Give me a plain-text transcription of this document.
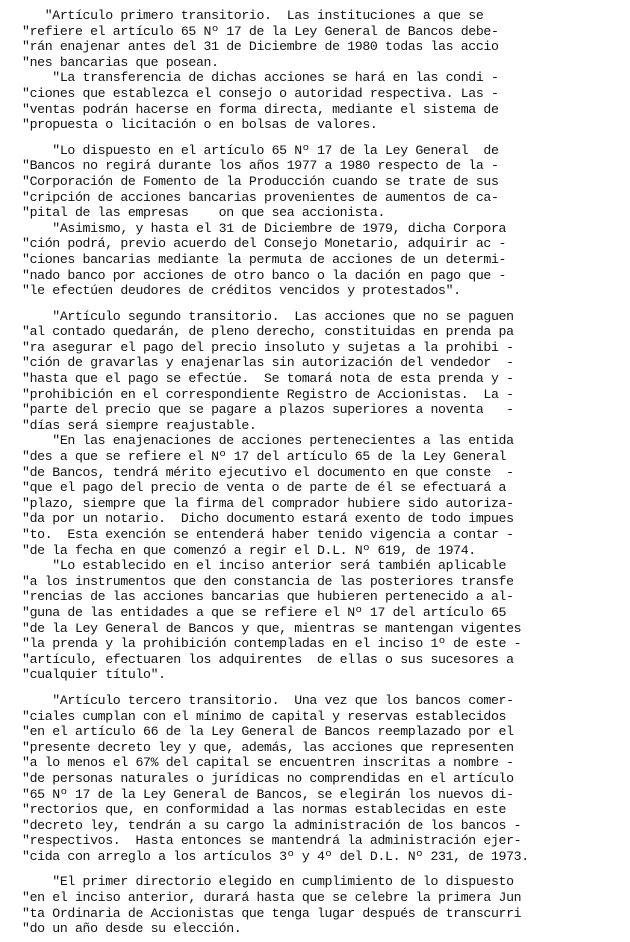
"Artículo primero transitorio.  Las instituciones a que se
"refiere el artículo 65 Nº 17 de la Ley General de Bancos debe-
"rán enajenar antes del 31 de Diciembre de 1980 todas las accio
"nes bancarias que posean.
"La transferencia de dichas acciones se hará en las condi -
"ciones que establezca el consejo o autoridad respectiva. Las -
"ventas podrán hacerse en forma directa, mediante el sistema de
"propuesta o licitación o en bolsas de valores.
"Lo dispuesto en el artículo 65 Nº 17 de la Ley General  de
"Bancos no regirá durante los años 1977 a 1980 respecto de la -
"Corporación de Fomento de la Producción cuando se trate de sus
"cripción de acciones bancarias provenientes de aumentos de ca-
"pital de las empresas    on que sea accionista.
"Asimismo, y hasta el 31 de Diciembre de 1979, dicha Corpora
"ción podrá, previo acuerdo del Consejo Monetario, adquirir ac -
"ciones bancarias mediante la permuta de acciones de un determi-
"nado banco por acciones de otro banco o la dación en pago que -
"le efectúen deudores de créditos vencidos y protestados".
"Artículo segundo transitorio.  Las acciones que no se paguen
"al contado quedarán, de pleno derecho, constituidas en prenda pa
"ra asegurar el pago del precio insoluto y sujetas a la prohibi -
"ción de gravarlas y enajenarlas sin autorización del vendedor  -
"hasta que el pago se efectúe.  Se tomará nota de esta prenda y -
"prohibición en el correspondiente Registro de Accionistas.  La -
"parte del precio que se pagare a plazos superiores a noventa   -
"días será siempre reajustable.
"En las enajenaciones de acciones pertenecientes a las entida
"des a que se refiere el Nº 17 del artículo 65 de la Ley General
"de Bancos, tendrá mérito ejecutivo el documento en que conste  -
"que el pago del precio de venta o de parte de él se efectuará a
"plazo, siempre que la firma del comprador hubiere sido autoriza-
"da por un notario.  Dicho documento estará exento de todo impues
"to.  Esta exención se entenderá haber tenido vigencia a contar -
"de la fecha en que comenzó a regir el D.L. Nº 619, de 1974.
"Lo establecido en el inciso anterior será también aplicable
"a los instrumentos que den constancia de las posteriores transfe
"rencias de las acciones bancarias que hubieren pertenecido a al-
"guna de las entidades a que se refiere el Nº 17 del artículo 65
"de la Ley General de Bancos y que, mientras se mantengan vigentes
"la prenda y la prohibición contempladas en el inciso 1º de este -
"artículo, efectuaren los adquirentes  de ellas o sus sucesores a
"cualquier título".
"Artículo tercero transitorio.  Una vez que los bancos comer-
"ciales cumplan con el mínimo de capital y reservas establecidos
"en el artículo 66 de la Ley General de Bancos reemplazado por el
"presente decreto ley y que, además, las acciones que representen
"a lo menos el 67% del capital se encuentren inscritas a nombre -
"de personas naturales o jurídicas no comprendidas en el artículo
"65 Nº 17 de la Ley General de Bancos, se elegirán los nuevos di-
"rectorios que, en conformidad a las normas establecidas en este
"decreto ley, tendrán a su cargo la administración de los bancos -
"respectivos.  Hasta entonces se mantendrá la administración ejer-
"cida con arreglo a los artículos 3º y 4º del D.L. Nº 231, de 1973.
"El primer directorio elegido en cumplimiento de lo dispuesto
"en el inciso anterior, durará hasta que se celebre la primera Jun
"ta Ordinaria de Accionistas que tenga lugar después de transcurri
"do un año desde su elección.
